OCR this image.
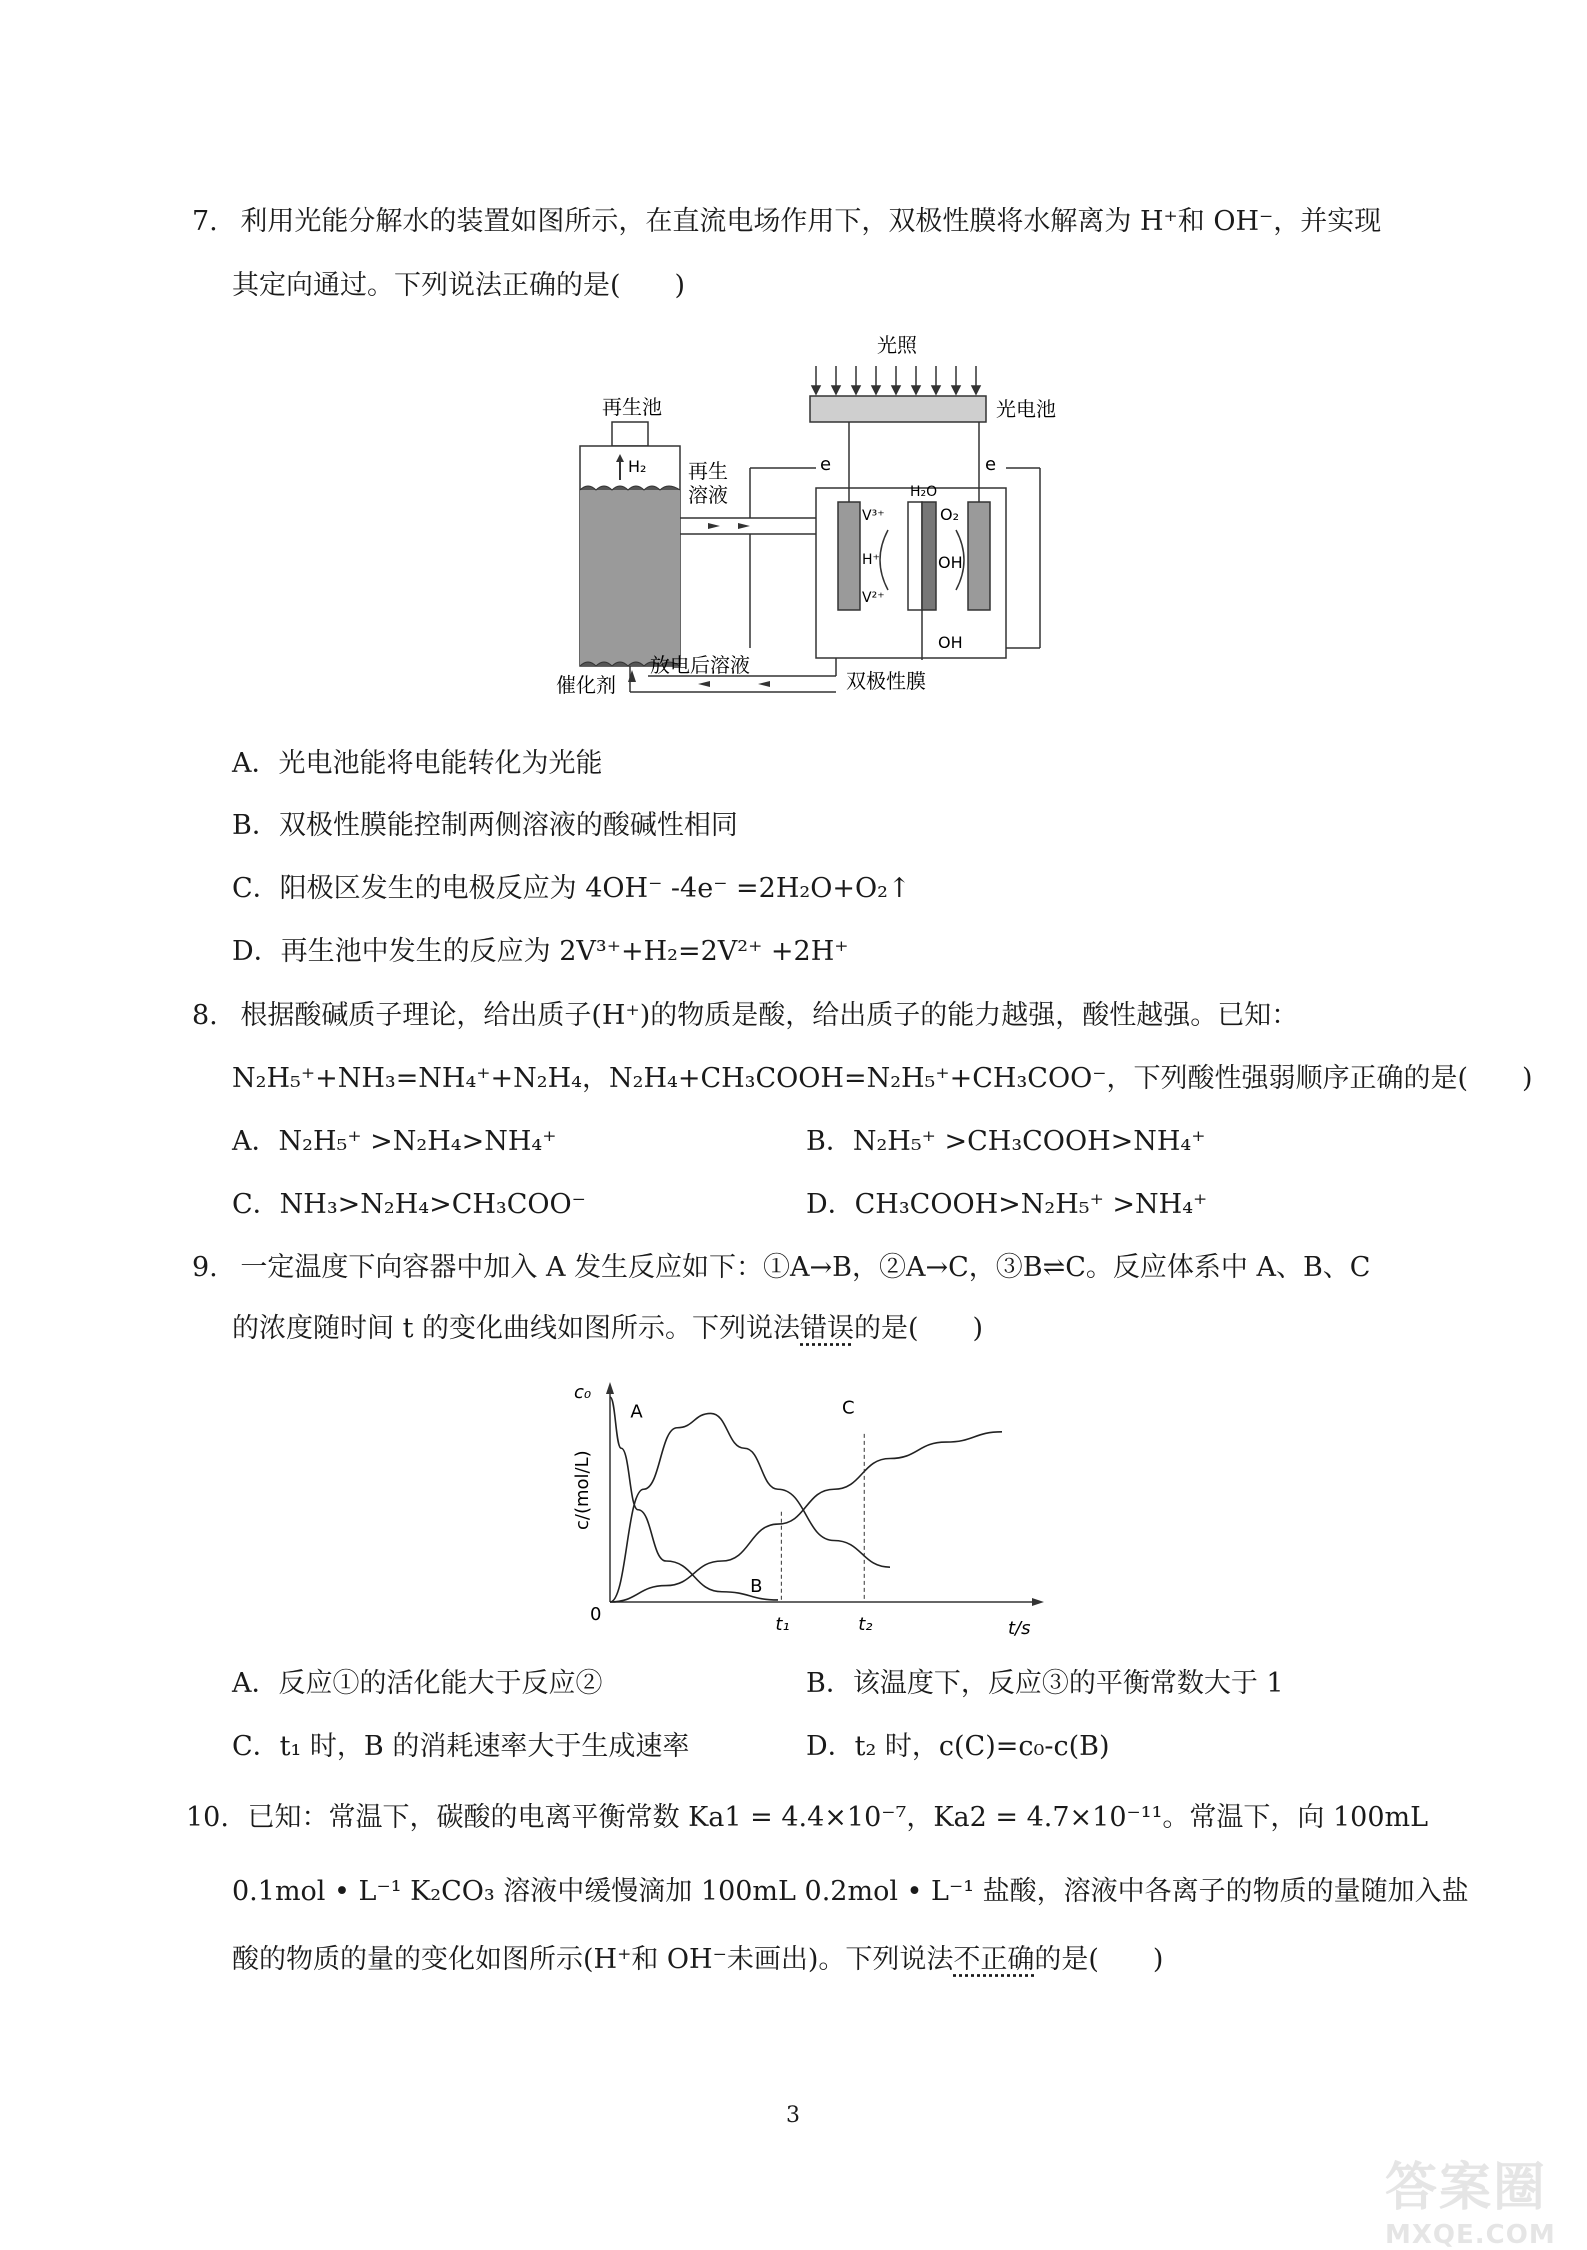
7. 利用光能分解水的装置如图所示，在直流电场作用下，双极性膜将水解离为 H⁺和 OH⁻，并实现
其定向通过。下列说法正确的是(　　)
光照
光电池
再生池
H₂ 再生
溶液
e	e
V³⁺
H⁺
V²⁺
H₂O
O₂
OH
OH
放电后溶液
催化剂	双极性膜
A．光电池能将电能转化为光能
B．双极性膜能控制两侧溶液的酸碱性相同
C．阳极区发生的电极反应为 4OH⁻ -4e⁻ =2H₂O+O₂↑
D．再生池中发生的反应为 2V³⁺+H₂=2V²⁺ +2H⁺
8. 根据酸碱质子理论，给出质子(H⁺)的物质是酸，给出质子的能力越强，酸性越强。已知：
N₂H₅⁺+NH₃=NH₄⁺+N₂H₄，N₂H₄+CH₃COOH=N₂H₅⁺+CH₃COO⁻，下列酸性强弱顺序正确的是(　　)
A．N₂H₅⁺ >N₂H₄>NH₄⁺	B．N₂H₅⁺ >CH₃COOH>NH₄⁺
C．NH₃>N₂H₄>CH₃COO⁻	D．CH₃COOH>N₂H₅⁺ >NH₄⁺
9. 一定温度下向容器中加入 A 发生反应如下：①A→B，②A→C，③B⇌C。反应体系中 A、B、C
的浓度随时间 t 的变化曲线如图所示。下列说法错误的是(　　)
c₀
0
t/s
c/(mol/L)
A
B
C
t₁	t₂
A．反应①的活化能大于反应②	B．该温度下，反应③的平衡常数大于 1
C．t₁ 时，B 的消耗速率大于生成速率	D．t₂ 时，c(C)=c₀-c(B)
10. 已知：常温下，碳酸的电离平衡常数 Ka1 = 4.4×10⁻⁷，Ka2 = 4.7×10⁻¹¹。常温下，向 100mL
0.1mol • L⁻¹ K₂CO₃ 溶液中缓慢滴加 100mL 0.2mol • L⁻¹ 盐酸，溶液中各离子的物质的量随加入盐
酸的物质的量的变化如图所示(H⁺和 OH⁻未画出)。下列说法不正确的是(　　)
3
答案圈
MXQE.COM
